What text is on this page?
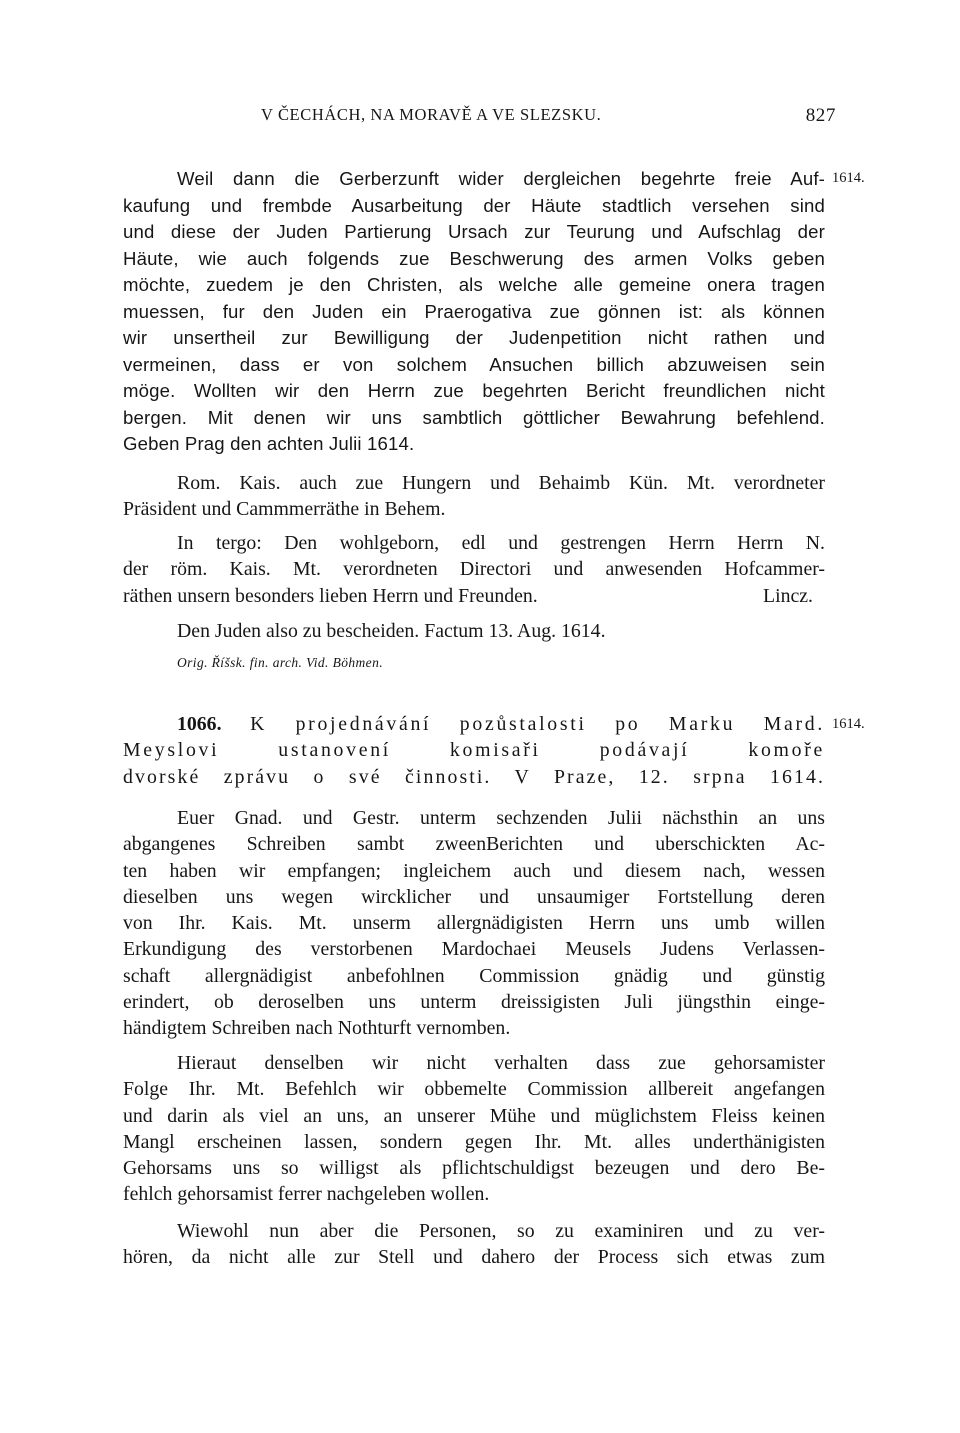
V ČECHÁCH, NA MORAVĚ A VE SLEZSKU.	827
Weil dann die Gerberzunft wider dergleichen begehrte freie Auf-
kaufung und frembde Ausarbeitung der Häute stadtlich versehen sind
und diese der Juden Partierung Ursach zur Teurung und Aufschlag der
Häute, wie auch folgends zue Beschwerung des armen Volks geben
möchte, zuedem je den Christen, als welche alle gemeine onera tragen
muessen, fur den Juden ein Praerogativa zue gönnen ist: als können
wir unsertheil zur Bewilligung der Judenpetition nicht rathen und
vermeinen, dass er von solchem Ansuchen billich abzuweisen sein
möge. Wollten wir den Herrn zue begehrten Bericht freundlichen nicht
bergen. Mit denen wir uns sambtlich göttlicher Bewahrung befehlend.
Geben Prag den achten Julii 1614.
1614.
Rom. Kais. auch zue Hungern und Behaimb Kün. Mt. verordneter
Präsident und Cammmerräthe in Behem.
In tergo: Den wohlgeborn, edl und gestrengen Herrn Herrn N.
der röm. Kais. Mt. verordneten Directori und anwesenden Hofcammer-
räthen unsern besonders lieben Herrn und Freunden.	Lincz.
Den Juden also zu bescheiden. Factum 13. Aug. 1614.
Orig. Říšsk. fin. arch. Vid. Böhmen.
1066. K projednávání pozůstalosti po Marku Mard.
Meyslovi ustanovení komisaři podávají komoře
dvorské zprávu o své činnosti. V Praze, 12. srpna 1614.
1614.
Euer Gnad. und Gestr. unterm sechzenden Julii nächsthin an uns
abgangenes Schreiben sambt zweenBerichten und uberschickten Ac-
ten haben wir empfangen; ingleichem auch und diesem nach, wessen
dieselben uns wegen wircklicher und unsaumiger Fortstellung deren
von Ihr. Kais. Mt. unserm allergnädigisten Herrn uns umb willen
Erkundigung des verstorbenen Mardochaei Meusels Judens Verlassen-
schaft allergnädigist anbefohlnen Commission gnädig und günstig
erindert, ob deroselben uns unterm dreissigisten Juli jüngsthin einge-
händigtem Schreiben nach Nothturft vernomben.
Hieraut denselben wir nicht verhalten dass zue gehorsamister
Folge Ihr. Mt. Befehlch wir obbemelte Commission allbereit angefangen
und darin als viel an uns, an unserer Mühe und müglichstem Fleiss keinen
Mangl erscheinen lassen, sondern gegen Ihr. Mt. alles underthänigisten
Gehorsams uns so willigst als pflichtschuldigst bezeugen und dero Be-
fehlch gehorsamist ferrer nachgeleben wollen.
Wiewohl nun aber die Personen, so zu examiniren und zu ver-
hören, da nicht alle zur Stell und dahero der Process sich etwas zum
